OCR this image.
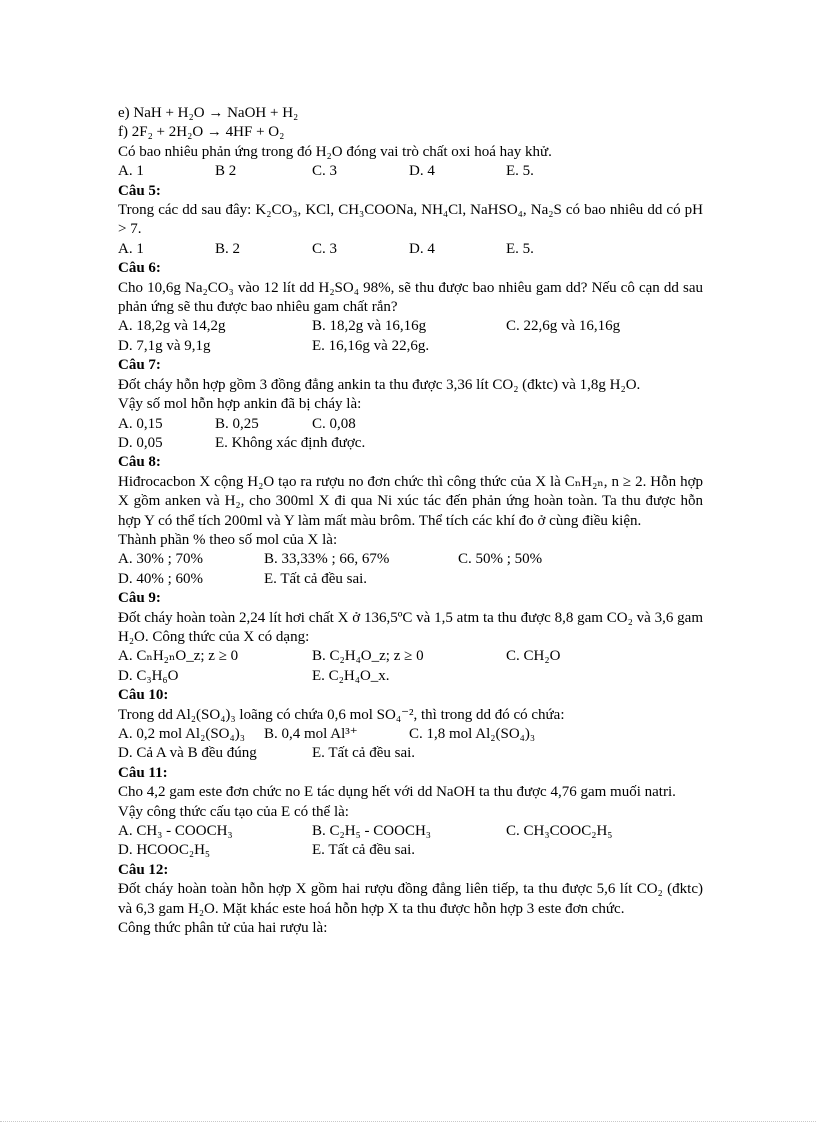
e) NaH + H₂O → NaOH + H₂
f) 2F₂ + 2H₂O → 4HF + O₂
Có bao nhiêu phản ứng trong đó H₂O đóng vai trò chất oxi hoá hay khử.
A. 1	B 2	C. 3	D. 4	E. 5.
Câu 5:
Trong các dd sau đây: K₂CO₃, KCl, CH₃COONa, NH₄Cl, NaHSO₄, Na₂S có bao nhiêu dd có pH > 7.
A. 1	B. 2	C. 3	D. 4	E. 5.
Câu 6:
Cho 10,6g Na₂CO₃ vào 12 lít dd H₂SO₄ 98%, sẽ thu được bao nhiêu gam dd? Nếu cô cạn dd sau phản ứng sẽ thu được bao nhiêu gam chất rắn?
A. 18,2g và 14,2g	B. 18,2g và 16,16g	C. 22,6g và 16,16g
D. 7,1g và 9,1g	E. 16,16g và 22,6g.
Câu 7:
Đốt cháy hỗn hợp gồm 3 đồng đẳng ankin ta thu được 3,36 lít CO₂ (đktc) và 1,8g H₂O.
Vậy số mol hỗn hợp ankin đã bị cháy là:
A. 0,15	B. 0,25	C. 0,08
D. 0,05	E. Không xác định được.
Câu 8:
Hiđrocacbon X cộng H₂O tạo ra rượu no đơn chức thì công thức của X là CₙH₂ₙ, n ≥ 2. Hỗn hợp X gồm anken và H₂, cho 300ml X đi qua Ni xúc tác đến phản ứng hoàn toàn. Ta thu được hỗn hợp Y có thể tích 200ml và Y làm mất màu brôm. Thể tích các khí đo ở cùng điều kiện.
Thành phần % theo số mol của X là:
A. 30% ; 70%	B. 33,33% ; 66, 67%	C. 50% ; 50%
D. 40% ; 60%	E. Tất cả đều sai.
Câu 9:
Đốt cháy hoàn toàn 2,24 lít hơi chất X ở 136,5ºC và 1,5 atm ta thu được 8,8 gam CO₂ và 3,6 gam H₂O. Công thức của X có dạng:
A. CₙH₂ₙO_z; z ≥ 0	B. C₂H₄O_z; z ≥ 0	C. CH₂O
D. C₃H₆O	E. C₂H₄O_x.
Câu 10:
Trong dd Al₂(SO₄)₃ loãng có chứa 0,6 mol SO₄⁻², thì trong dd đó có chứa:
A. 0,2 mol Al₂(SO₄)₃	B. 0,4 mol Al³⁺	C. 1,8 mol Al₂(SO₄)₃
D. Cả A và B đều đúng	E. Tất cả đều sai.
Câu 11:
Cho 4,2 gam este đơn chức no E tác dụng hết với dd NaOH ta thu được 4,76 gam muối natri.
Vậy công thức cấu tạo của E có thể là:
A. CH₃ - COOCH₃	B. C₂H₅ - COOCH₃	C. CH₃COOC₂H₅
D. HCOOC₂H₅	E. Tất cả đều sai.
Câu 12:
Đốt cháy hoàn toàn hỗn hợp X gồm hai rượu đồng đẳng liên tiếp, ta thu được 5,6 lít CO₂ (đktc) và 6,3 gam H₂O. Mặt khác este hoá hỗn hợp X ta thu được hỗn hợp 3 este đơn chức.
Công thức phân tử của hai rượu là:
